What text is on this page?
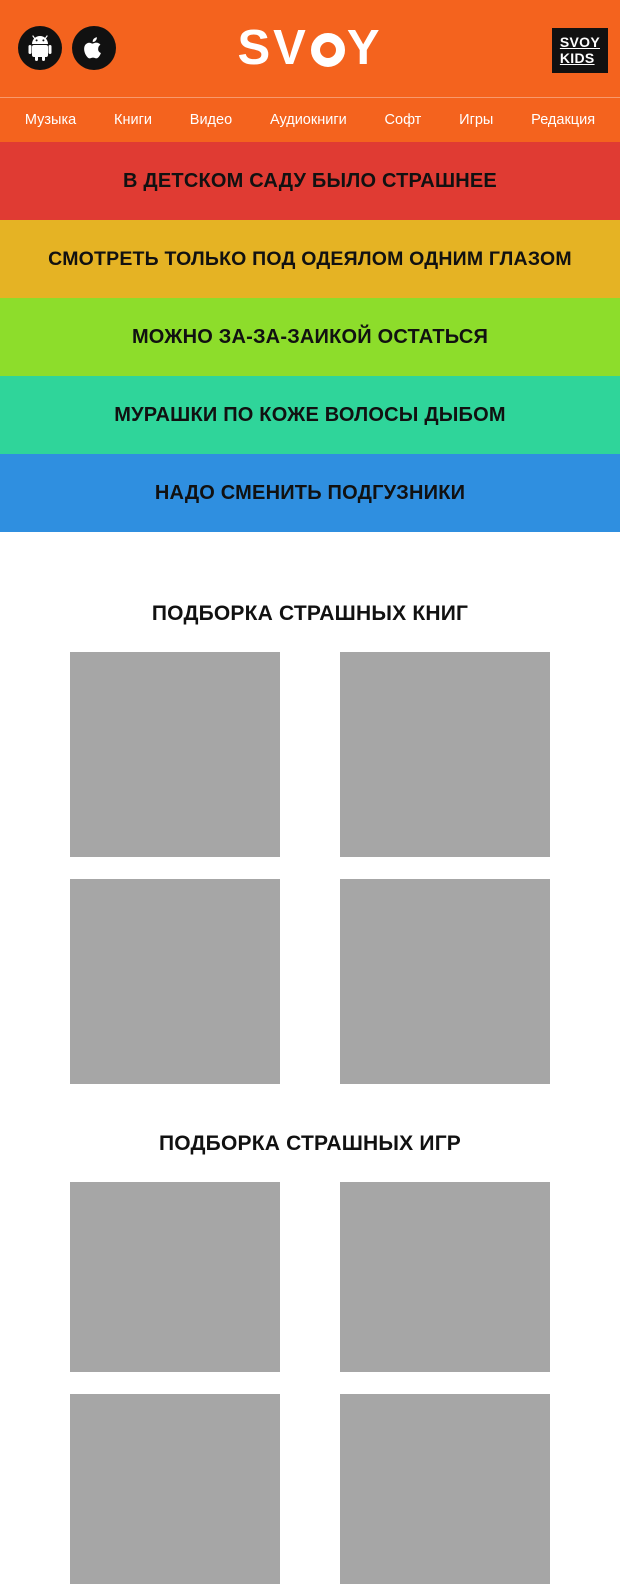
SV Y	SVOY
KIDS
Музыка	Книги	Видео	Аудиокниги	Софт	Игры	Редакция
В ДЕТСКОМ САДУ БЫЛО СТРАШНЕЕ
СМОТРЕТЬ ТОЛЬКО ПОД ОДЕЯЛОМ ОДНИМ ГЛАЗОМ
МОЖНО ЗА-ЗА-ЗАИКОЙ ОСТАТЬСЯ
МУРАШКИ ПО КОЖЕ ВОЛОСЫ ДЫБОМ
НАДО СМЕНИТЬ ПОДГУЗНИКИ
ПОДБОРКА СТРАШНЫХ КНИГ
ПОДБОРКА СТРАШНЫХ ИГР
